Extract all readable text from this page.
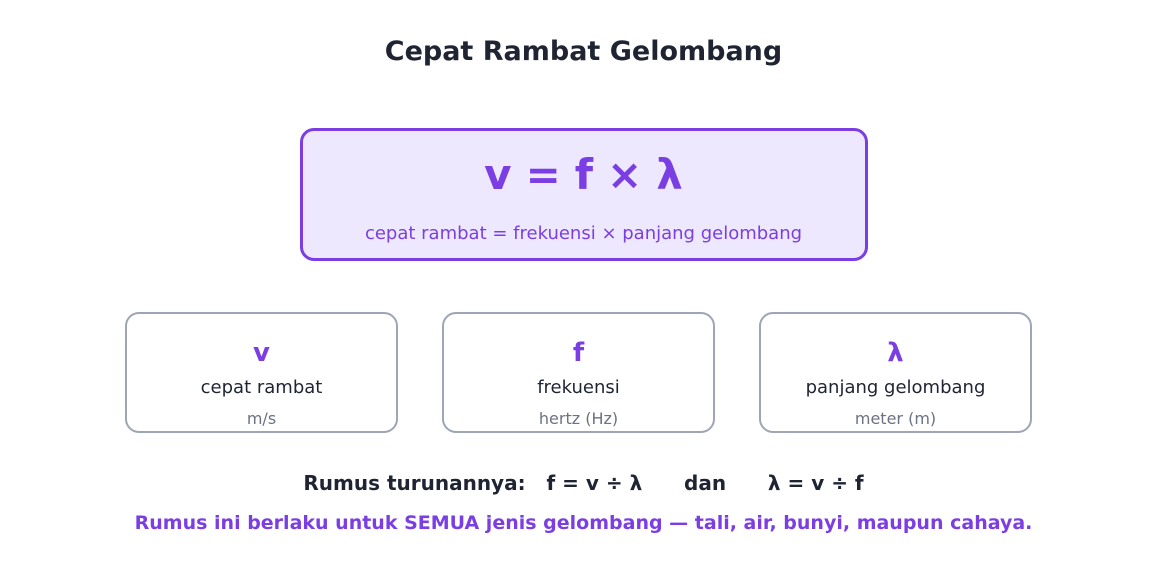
Cepat Rambat Gelombang
v = f × λ
cepat rambat = frekuensi × panjang gelombang
v
cepat rambat
m/s
f
frekuensi
hertz (Hz)
λ
panjang gelombang
meter (m)
Rumus turunannya: f = v ÷ λ dan λ = v ÷ f
Rumus ini berlaku untuk SEMUA jenis gelombang — tali, air, bunyi, maupun cahaya.
